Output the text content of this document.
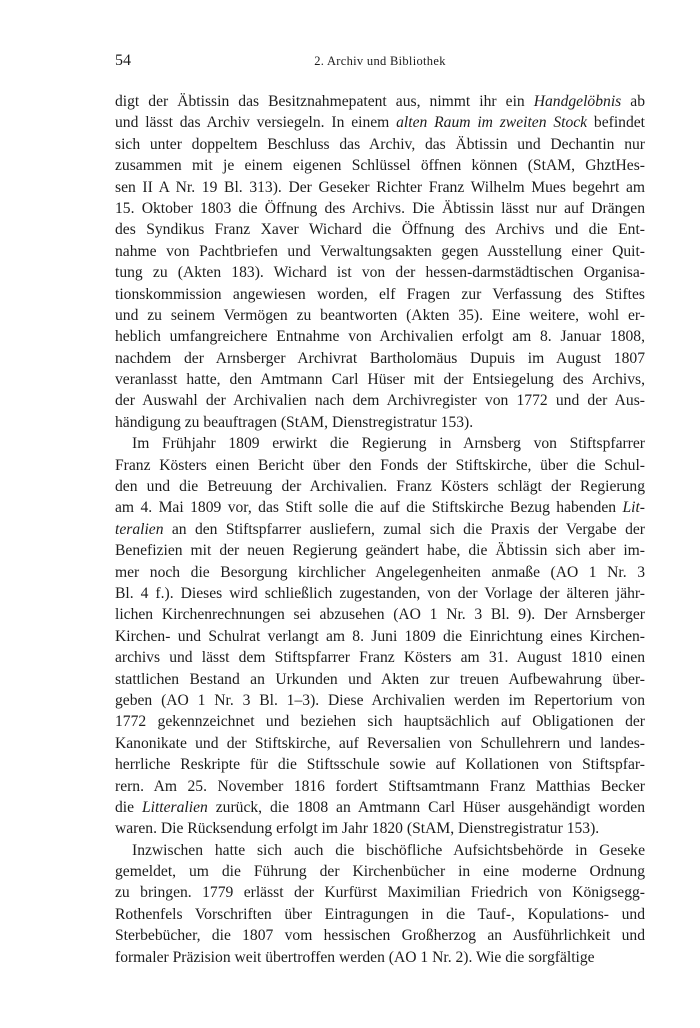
54	2. Archiv und Bibliothek
digt der Äbtissin das Besitznahmepatent aus, nimmt ihr ein Handgelöbnis ab
und lässt das Archiv versiegeln. In einem alten Raum im zweiten Stock befindet
sich unter doppeltem Beschluss das Archiv, das Äbtissin und Dechantin nur
zusammen mit je einem eigenen Schlüssel öffnen können (StAM, GhztHes-
sen II A Nr. 19 Bl. 313). Der Geseker Richter Franz Wilhelm Mues begehrt am
15. Oktober 1803 die Öffnung des Archivs. Die Äbtissin lässt nur auf Drängen
des Syndikus Franz Xaver Wichard die Öffnung des Archivs und die Ent-
nahme von Pachtbriefen und Verwaltungsakten gegen Ausstellung einer Quit-
tung zu (Akten 183). Wichard ist von der hessen-darmstädtischen Organisa-
tionskommission angewiesen worden, elf Fragen zur Verfassung des Stiftes
und zu seinem Vermögen zu beantworten (Akten 35). Eine weitere, wohl er-
heblich umfangreichere Entnahme von Archivalien erfolgt am 8. Januar 1808,
nachdem der Arnsberger Archivrat Bartholomäus Dupuis im August 1807
veranlasst hatte, den Amtmann Carl Hüser mit der Entsiegelung des Archivs,
der Auswahl der Archivalien nach dem Archivregister von 1772 und der Aus-
händigung zu beauftragen (StAM, Dienstregistratur 153).
Im Frühjahr 1809 erwirkt die Regierung in Arnsberg von Stiftspfarrer
Franz Kösters einen Bericht über den Fonds der Stiftskirche, über die Schul-
den und die Betreuung der Archivalien. Franz Kösters schlägt der Regierung
am 4. Mai 1809 vor, das Stift solle die auf die Stiftskirche Bezug habenden Lit-
teralien an den Stiftspfarrer ausliefern, zumal sich die Praxis der Vergabe der
Benefizien mit der neuen Regierung geändert habe, die Äbtissin sich aber im-
mer noch die Besorgung kirchlicher Angelegenheiten anmaße (AO 1 Nr. 3
Bl. 4 f.). Dieses wird schließlich zugestanden, von der Vorlage der älteren jähr-
lichen Kirchenrechnungen sei abzusehen (AO 1 Nr. 3 Bl. 9). Der Arnsberger
Kirchen- und Schulrat verlangt am 8. Juni 1809 die Einrichtung eines Kirchen-
archivs und lässt dem Stiftspfarrer Franz Kösters am 31. August 1810 einen
stattlichen Bestand an Urkunden und Akten zur treuen Aufbewahrung über-
geben (AO 1 Nr. 3 Bl. 1–3). Diese Archivalien werden im Repertorium von
1772 gekennzeichnet und beziehen sich hauptsächlich auf Obligationen der
Kanonikate und der Stiftskirche, auf Reversalien von Schullehrern und landes-
herrliche Reskripte für die Stiftsschule sowie auf Kollationen von Stiftspfar-
rern. Am 25. November 1816 fordert Stiftsamtmann Franz Matthias Becker
die Litteralien zurück, die 1808 an Amtmann Carl Hüser ausgehändigt worden
waren. Die Rücksendung erfolgt im Jahr 1820 (StAM, Dienstregistratur 153).
Inzwischen hatte sich auch die bischöfliche Aufsichtsbehörde in Geseke
gemeldet, um die Führung der Kirchenbücher in eine moderne Ordnung
zu bringen. 1779 erlässt der Kurfürst Maximilian Friedrich von Königsegg-
Rothenfels Vorschriften über Eintragungen in die Tauf-, Kopulations- und
Sterbebücher, die 1807 vom hessischen Großherzog an Ausführlichkeit und
formaler Präzision weit übertroffen werden (AO 1 Nr. 2). Wie die sorgfältige
